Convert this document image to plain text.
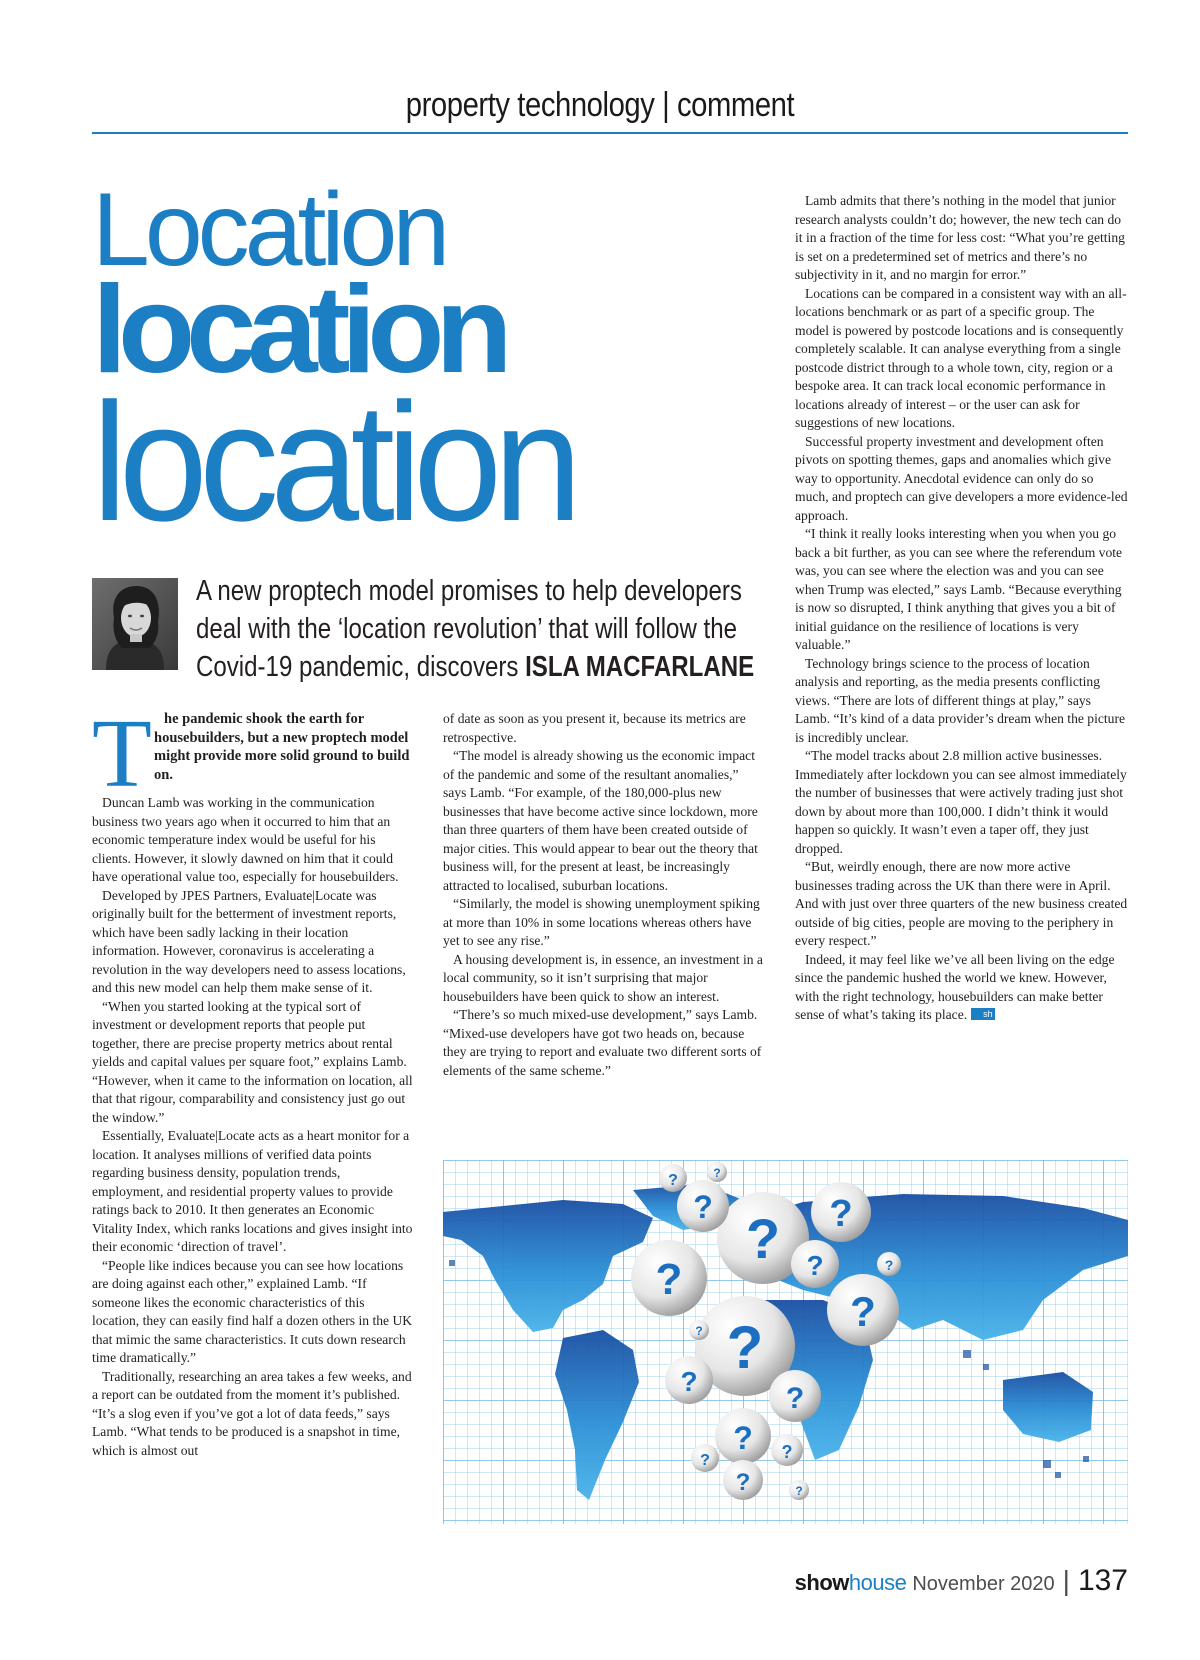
property technology | comment
Location
location
location
A new proptech model promises to help developers deal with the ‘location revolution’ that will follow the Covid-19 pandemic, discovers ISLA MACFARLANE
T he pandemic shook the earth for housebuilders, but a new proptech model might provide more solid ground to build on.

Duncan Lamb was working in the communication business two years ago when it occurred to him that an economic temperature index would be useful for his clients. However, it slowly dawned on him that it could have operational value too, especially for housebuilders.

Developed by JPES Partners, Evaluate|Locate was originally built for the betterment of investment reports, which have been sadly lacking in their location information. However, coronavirus is accelerating a revolution in the way developers need to assess locations, and this new model can help them make sense of it.

“When you started looking at the typical sort of investment or development reports that people put together, there are precise property metrics about rental yields and capital values per square foot,” explains Lamb. “However, when it came to the information on location, all that that rigour, comparability and consistency just go out the window.”

Essentially, Evaluate|Locate acts as a heart monitor for a location. It analyses millions of verified data points regarding business density, population trends, employment, and residential property values to provide ratings back to 2010. It then generates an Economic Vitality Index, which ranks locations and gives insight into their economic ‘direction of travel’.

“People like indices because you can see how locations are doing against each other,” explained Lamb. “If someone likes the economic characteristics of this location, they can easily find half a dozen others in the UK that mimic the same characteristics. It cuts down research time dramatically.”

Traditionally, researching an area takes a few weeks, and a report can be outdated from the moment it’s published. “It’s a slog even if you’ve got a lot of data feeds,” says Lamb. “What tends to be produced is a snapshot in time, which is almost out

of date as soon as you present it, because its metrics are retrospective.

“The model is already showing us the economic impact of the pandemic and some of the resultant anomalies,” says Lamb. “For example, of the 180,000-plus new businesses that have become active since lockdown, more than three quarters of them have been created outside of major cities. This would appear to bear out the theory that business will, for the present at least, be increasingly attracted to localised, suburban locations.

“Similarly, the model is showing unemployment spiking at more than 10% in some locations whereas others have yet to see any rise.”

A housing development is, in essence, an investment in a local community, so it isn’t surprising that major housebuilders have been quick to show an interest.

“There’s so much mixed-use development,” says Lamb. “Mixed-use developers have got two heads on, because they are trying to report and evaluate two different sorts of elements of the same scheme.”

Lamb admits that there’s nothing in the model that junior research analysts couldn’t do; however, the new tech can do it in a fraction of the time for less cost: “What you’re getting is set on a predetermined set of metrics and there’s no subjectivity in it, and no margin for error.”

Locations can be compared in a consistent way with an all-locations benchmark or as part of a specific group. The model is powered by postcode locations and is consequently completely scalable. It can analyse everything from a single postcode district through to a whole town, city, region or a bespoke area. It can track local economic performance in locations already of interest – or the user can ask for suggestions of new locations.

Successful property investment and development often pivots on spotting themes, gaps and anomalies which give way to opportunity. Anecdotal evidence can only do so much, and proptech can give developers a more evidence-led approach.

“I think it really looks interesting when you when you go back a bit further, as you can see where the referendum vote was, you can see where the election was and you can see when Trump was elected,” says Lamb. “Because everything is now so disrupted, I think anything that gives you a bit of initial guidance on the resilience of locations is very valuable.”

Technology brings science to the process of location analysis and reporting, as the media presents conflicting views. “There are lots of different things at play,” says Lamb. “It’s kind of a data provider’s dream when the picture is incredibly unclear.

“The model tracks about 2.8 million active businesses. Immediately after lockdown you can see almost immediately the number of businesses that were actively trading just shot down by about more than 100,000. I didn’t think it would happen so quickly. It wasn’t even a taper off, they just dropped.

“But, weirdly enough, there are now more active businesses trading across the UK than there were in April. And with just over three quarters of the new business created outside of big cities, people are moving to the periphery in every respect.”

Indeed, it may feel like we’ve all been living on the edge since the pandemic hushed the world we knew. However, with the right technology, housebuilders can make better sense of what’s taking its place. sh

? ?
?
?
?
?
?
?
?
?
?
?
?
?	?
?
?
?
show house November 2020 | 137
